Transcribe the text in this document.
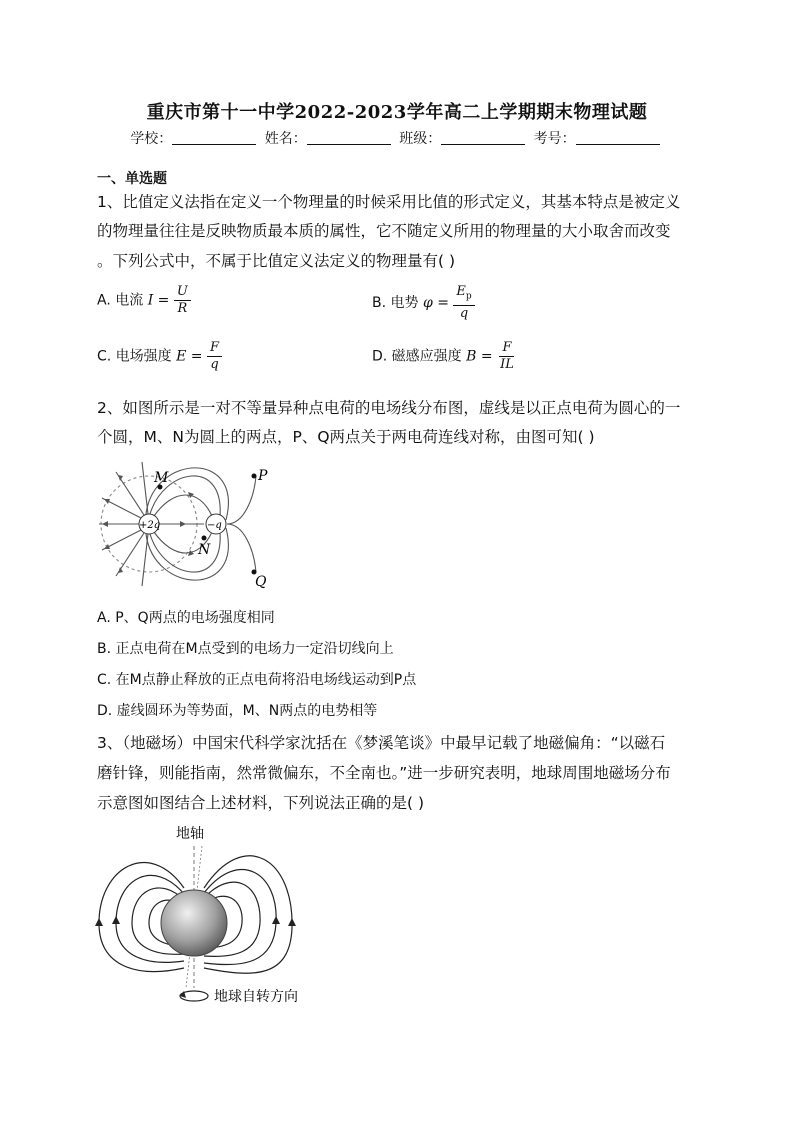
重庆市第十一中学2022-2023学年高二上学期期末物理试题
学校：	姓名：	班级：	考号：
一、单选题
1、比值定义法指在定义一个物理量的时候采用比值的形式定义，其基本特点是被定义
的物理量往往是反映物质最本质的属性，它不随定义所用的物理量的大小取舍而改变
。下列公式中，不属于比值定义法定义的物理量有( )
A. 电流 $I = \frac{U}{R}$	B. 电势 $\varphi = \frac{E_p}{q}$
C. 电场强度 $E = \frac{F}{q}$	D. 磁感应强度 $B = \frac{F}{IL}$
2、如图所示是一对不等量异种点电荷的电场线分布图，虚线是以正点电荷为圆心的一
个圆，M、N为圆上的两点，P、Q两点关于两电荷连线对称，由图可知( )
+2q	−q
M	P
N
Q
A. P、Q两点的电场强度相同
B. 正点电荷在M点受到的电场力一定沿切线向上
C. 在M点静止释放的正点电荷将沿电场线运动到P点
D. 虚线圆环为等势面，M、N两点的电势相等
3、（地磁场）中国宋代科学家沈括在《梦溪笔谈》中最早记载了地磁偏角：“以磁石
磨针锋，则能指南，然常微偏东，不全南也。”进一步研究表明，地球周围地磁场分布
示意图如图结合上述材料，下列说法正确的是( )
地轴
地球自转方向
